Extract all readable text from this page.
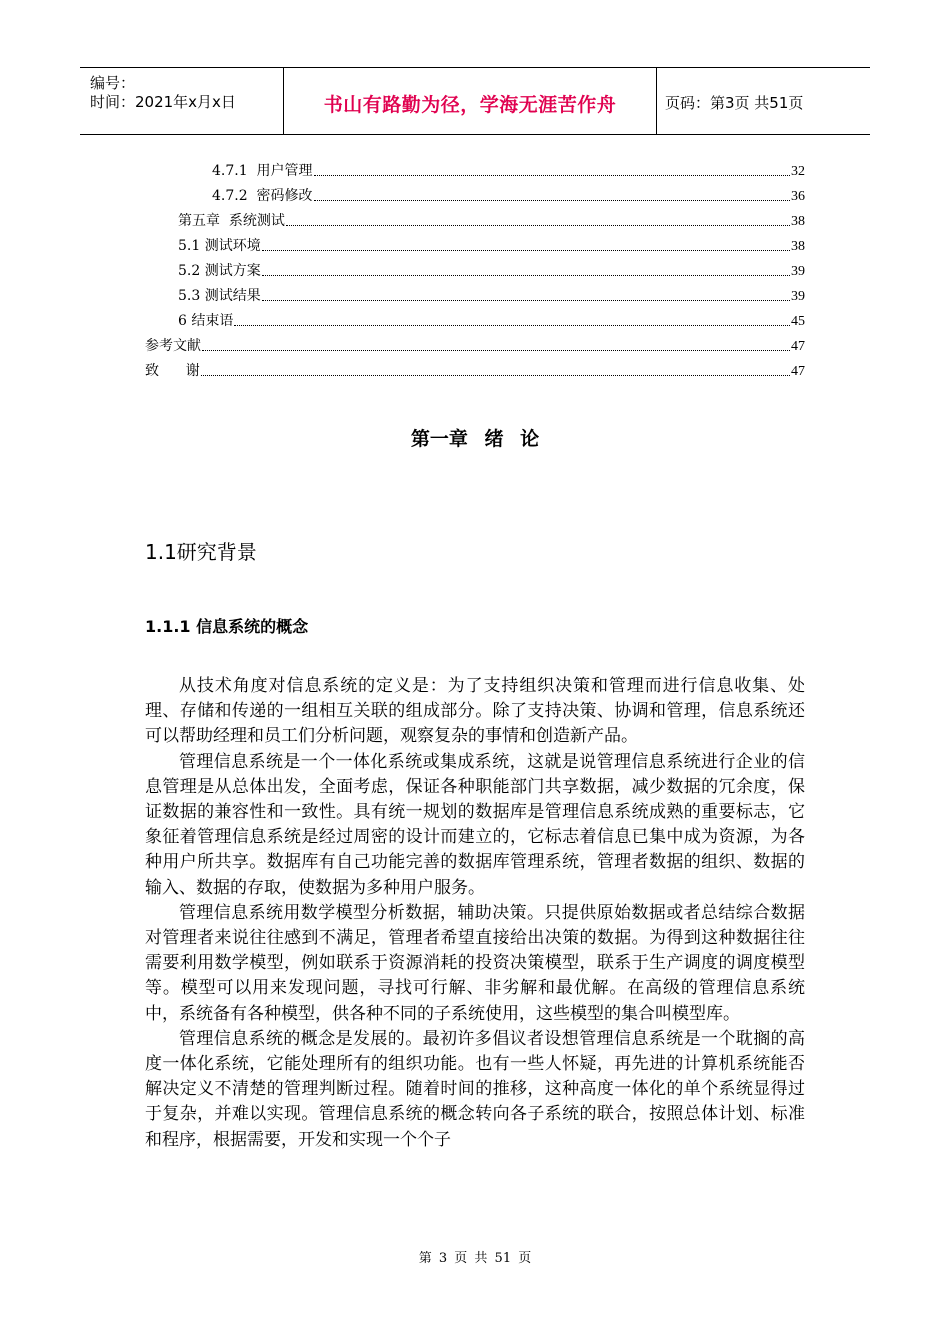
编号：
时间：2021年x月x日	书山有路勤为径，学海无涯苦作舟	页码：第3页 共51页
4.7.1  用户管理	32
4.7.2  密码修改	36
第五章  系统测试	38
5.1 测试环境	38
5.2 测试方案	39
5.3 测试结果	39
6 结束语	45
参考文献	47
致      谢	47
第一章 绪 论
1.1研究背景
1.1.1 信息系统的概念

从技术角度对信息系统的定义是：为了支持组织决策和管理而进行信息收集、处理、存储和传递的一组相互关联的组成部分。除了支持决策、协调和管理，信息系统还可以帮助经理和员工们分析问题，观察复杂的事情和创造新产品。

管理信息系统是一个一体化系统或集成系统，这就是说管理信息系统进行企业的信息管理是从总体出发，全面考虑，保证各种职能部门共享数据，减少数据的冗余度，保证数据的兼容性和一致性。具有统一规划的数据库是管理信息系统成熟的重要标志，它象征着管理信息系统是经过周密的设计而建立的，它标志着信息已集中成为资源，为各种用户所共享。数据库有自己功能完善的数据库管理系统，管理者数据的组织、数据的输入、数据的存取，使数据为多种用户服务。

管理信息系统用数学模型分析数据，辅助决策。只提供原始数据或者总结综合数据对管理者来说往往感到不满足，管理者希望直接给出决策的数据。为得到这种数据往往需要利用数学模型，例如联系于资源消耗的投资决策模型，联系于生产调度的调度模型等。模型可以用来发现问题，寻找可行解、非劣解和最优解。在高级的管理信息系统中，系统备有各种模型，供各种不同的子系统使用，这些模型的集合叫模型库。

管理信息系统的概念是发展的。最初许多倡议者设想管理信息系统是一个耽搁的高度一体化系统，它能处理所有的组织功能。也有一些人怀疑，再先进的计算机系统能否解决定义不清楚的管理判断过程。随着时间的推移，这种高度一体化的单个系统显得过于复杂，并难以实现。管理信息系统的概念转向各子系统的联合，按照总体计划、标准和程序，根据需要，开发和实现一个个子

第 3 页 共 51 页
